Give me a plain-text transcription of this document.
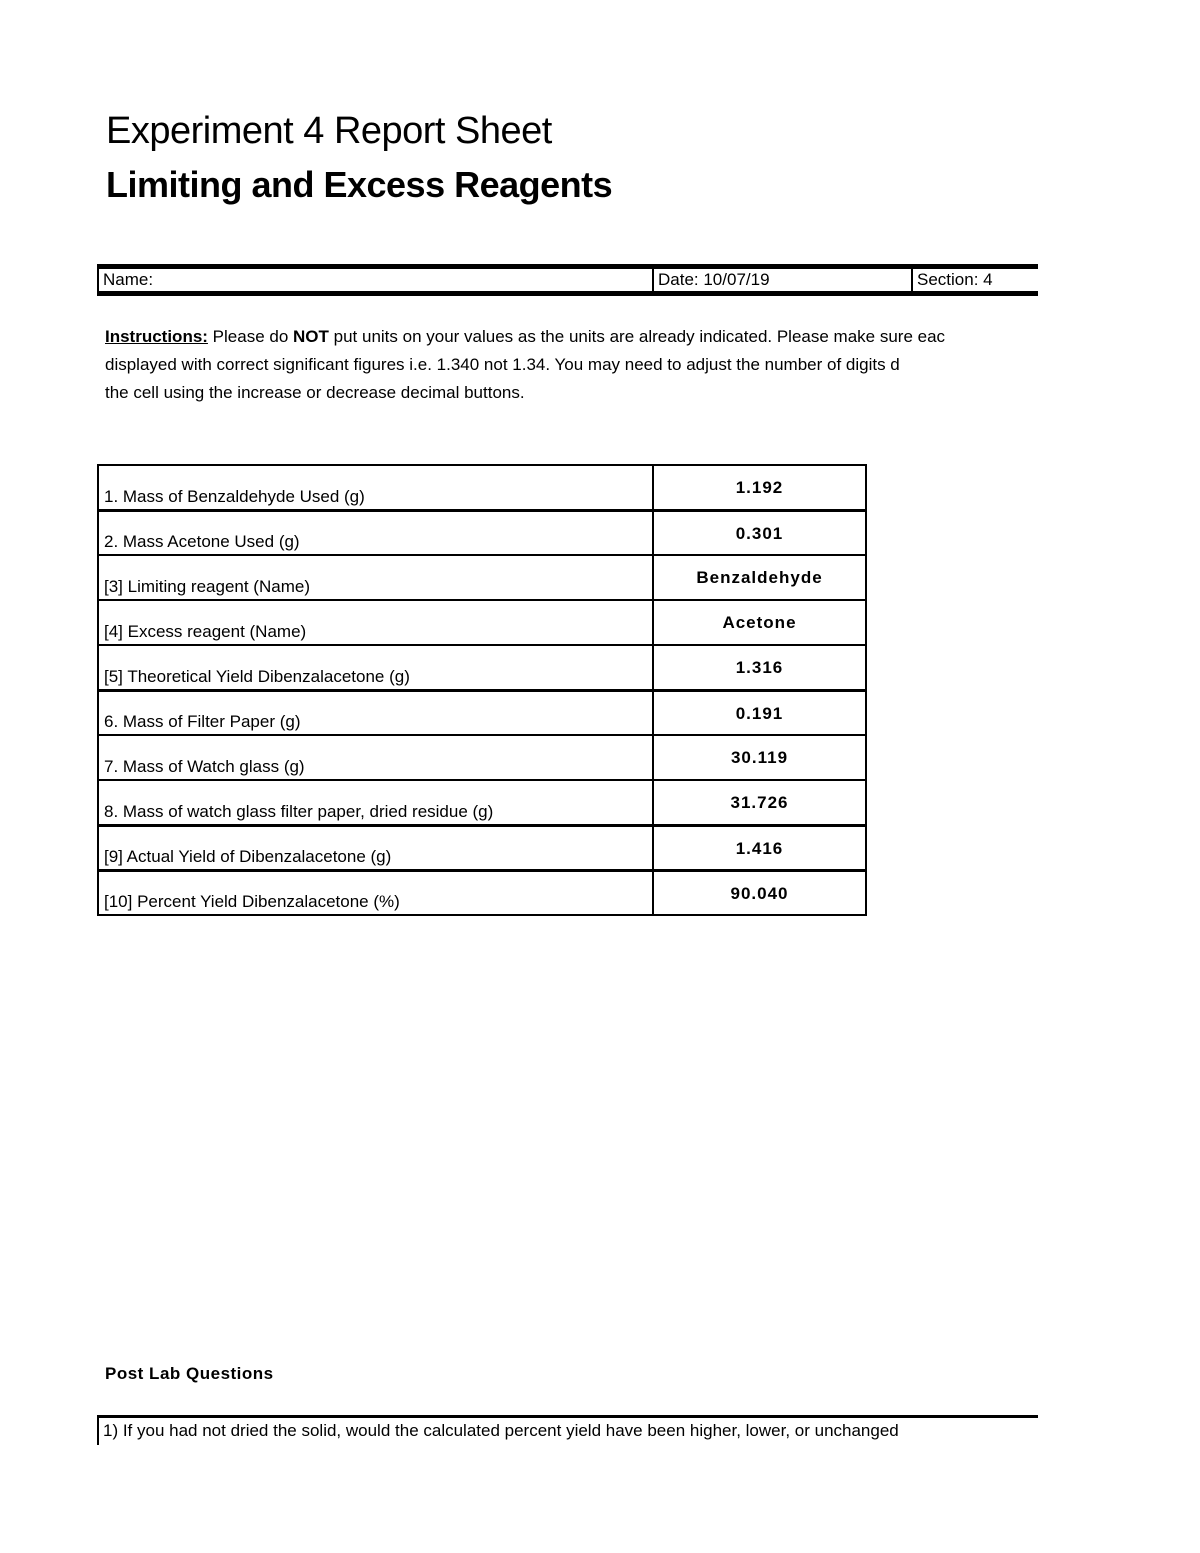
Experiment 4 Report Sheet
Limiting and Excess Reagents
Name:	Date: 10/07/19	Section: 4
Instructions: Please do NOT put units on your values as the units are already indicated. Please make sure eac
displayed with correct significant figures i.e. 1.340 not 1.34. You may need to adjust the number of digits d
the cell using the increase or decrease decimal buttons.
1. Mass of Benzaldehyde Used (g)	1.192
2. Mass Acetone Used (g)	0.301
[3] Limiting reagent (Name)	Benzaldehyde
[4] Excess reagent (Name)	Acetone
[5] Theoretical Yield Dibenzalacetone (g)	1.316
6. Mass of Filter Paper (g)	0.191
7. Mass of Watch glass (g)	30.119
8. Mass of watch glass filter paper, dried residue (g)	31.726
[9] Actual Yield of Dibenzalacetone (g)	1.416
[10] Percent Yield Dibenzalacetone (%)	90.040
Post Lab Questions
1) If you had not dried the solid, would the calculated percent yield have been higher, lower, or unchanged
